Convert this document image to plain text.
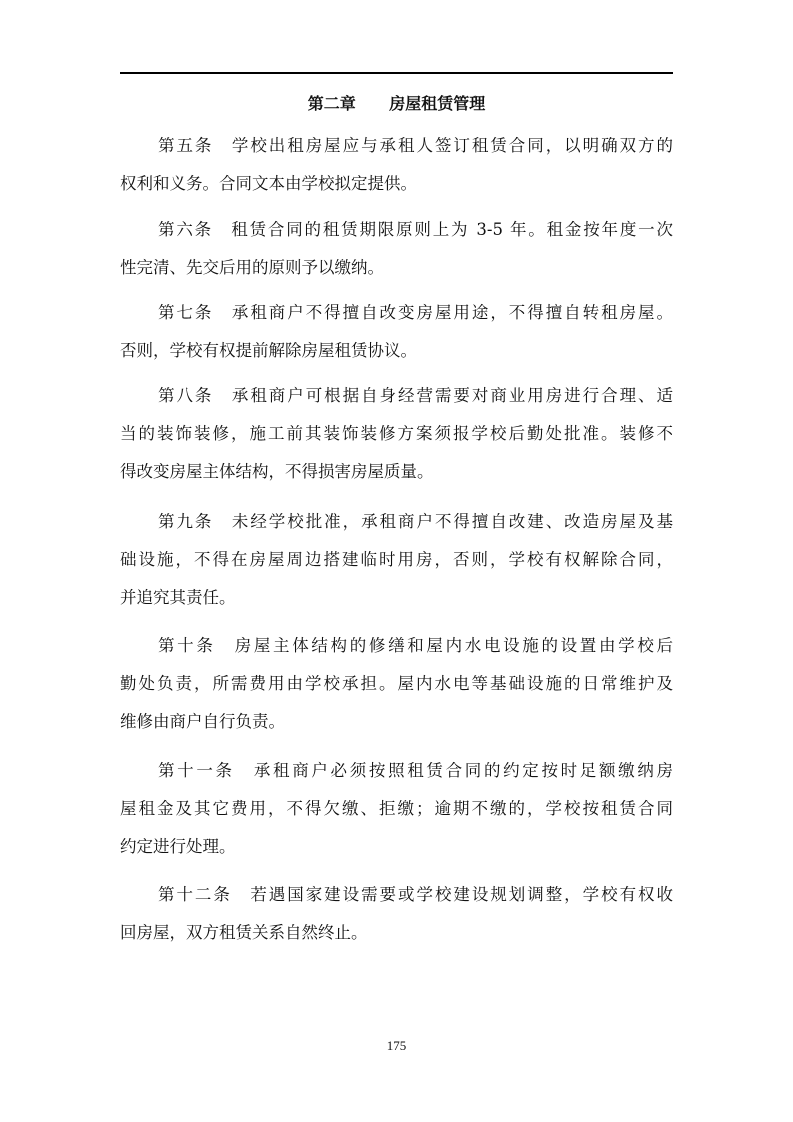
第二章      房屋租赁管理
第五条　学校出租房屋应与承租人签订租赁合同，以明确双方的
权利和义务。合同文本由学校拟定提供。
第六条　租赁合同的租赁期限原则上为 3-5 年。租金按年度一次
性完清、先交后用的原则予以缴纳。
第七条　承租商户不得擅自改变房屋用途，不得擅自转租房屋。
否则，学校有权提前解除房屋租赁协议。
第八条　承租商户可根据自身经营需要对商业用房进行合理、适
当的装饰装修，施工前其装饰装修方案须报学校后勤处批准。装修不
得改变房屋主体结构，不得损害房屋质量。
第九条　未经学校批准，承租商户不得擅自改建、改造房屋及基
础设施，不得在房屋周边搭建临时用房，否则，学校有权解除合同，
并追究其责任。
第十条　房屋主体结构的修缮和屋内水电设施的设置由学校后
勤处负责，所需费用由学校承担。屋内水电等基础设施的日常维护及
维修由商户自行负责。
第十一条　承租商户必须按照租赁合同的约定按时足额缴纳房
屋租金及其它费用，不得欠缴、拒缴；逾期不缴的，学校按租赁合同
约定进行处理。
第十二条　若遇国家建设需要或学校建设规划调整，学校有权收
回房屋，双方租赁关系自然终止。
175
